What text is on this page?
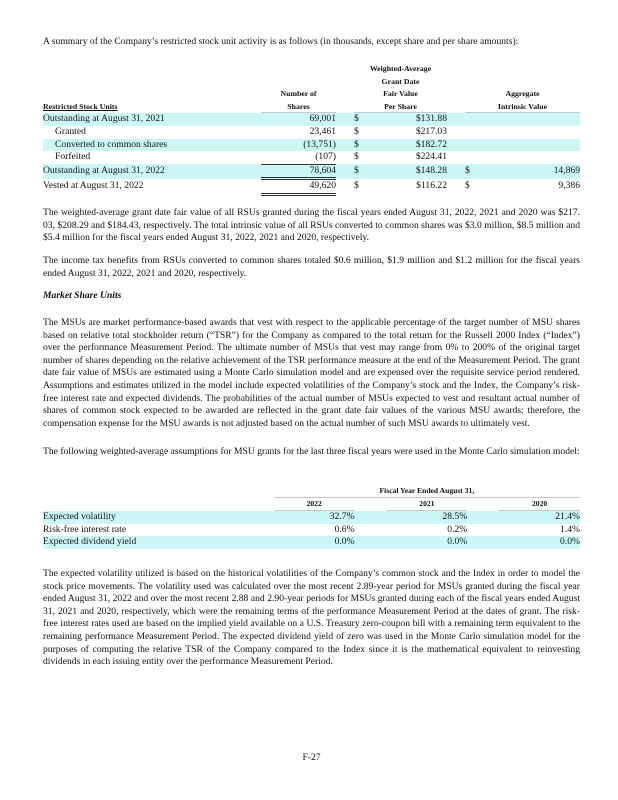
A summary of the Company’s restricted stock unit activity is as follows (in thousands, except share and per share amounts):

			Weighted-Average				
			Grant Date				
	Number of		Fair Value			Aggregate	
Restricted Stock Units	Shares		Per Share			Intrinsic Value	
Outstanding at August 31, 2021	69,001		$	$131.88			
Granted	23,461		$	$217.03			
Converted to common shares	(13,751)		$	$182.72			
Forfeited	(107)		$	$224.41			
Outstanding at August 31, 2022	78,604		$	$148.28		$	14,869
Vested at August 31, 2022	49,620		$	$116.22		$	9,386

The weighted-average grant date fair value of all RSUs granted during the fiscal years ended August 31, 2022, 2021 and 2020 was $217. 03, $208.29 and $184.43, respectively. The total intrinsic value of all RSUs converted to common shares was $3.0 million, $8.5 million and $5.4 million for the fiscal years ended August 31, 2022, 2021 and 2020, respectively.

The income tax benefits from RSUs converted to common shares totaled $0.6 million, $1.9 million and $1.2 million for the fiscal years ended August 31, 2022, 2021 and 2020, respectively.

Market Share Units

The MSUs are market performance-based awards that vest with respect to the applicable percentage of the target number of MSU shares based on relative total stockholder return (“TSR”) for the Company as compared to the total return for the Russell 2000 Index (“Index”) over the performance Measurement Period. The ultimate number of MSUs that vest may range from 0% to 200% of the original target number of shares depending on the relative achievement of the TSR performance measure at the end of the Measurement Period. The grant date fair value of MSUs are estimated using a Monte Carlo simulation model and are expensed over the requisite service period rendered. Assumptions and estimates utilized in the model include expected volatilities of the Company’s stock and the Index, the Company’s risk-free interest rate and expected dividends. The probabilities of the actual number of MSUs expected to vest and resultant actual number of shares of common stock expected to be awarded are reflected in the grant date fair values of the various MSU awards; therefore, the compensation expense for the MSU awards is not adjusted based on the actual number of such MSU awards to ultimately vest.

The following weighted-average assumptions for MSU grants for the last three fiscal years were used in the Monte Carlo simulation model:

	Fiscal Year Ended August 31,				
	2022		2021		2020
Expected volatility	32.7%		28.5%		21.4%
Risk-free interest rate	0.6%		0.2%		1.4%
Expected dividend yield	0.0%		0.0%		0.0%

The expected volatility utilized is based on the historical volatilities of the Company’s common stock and the Index in order to model the stock price movements. The volatility used was calculated over the most recent 2.89-year period for MSUs granted during the fiscal year ended August 31, 2022 and over the most recent 2.88 and 2.90-year periods for MSUs granted during each of the fiscal years ended August 31, 2021 and 2020, respectively, which were the remaining terms of the performance Measurement Period at the dates of grant. The risk-free interest rates used are based on the implied yield available on a U.S. Treasury zero-coupon bill with a remaining term equivalent to the remaining performance Measurement Period. The expected dividend yield of zero was used in the Monte Carlo simulation model for the purposes of computing the relative TSR of the Company compared to the Index since it is the mathematical equivalent to reinvesting dividends in each issuing entity over the performance Measurement Period.

F-27
